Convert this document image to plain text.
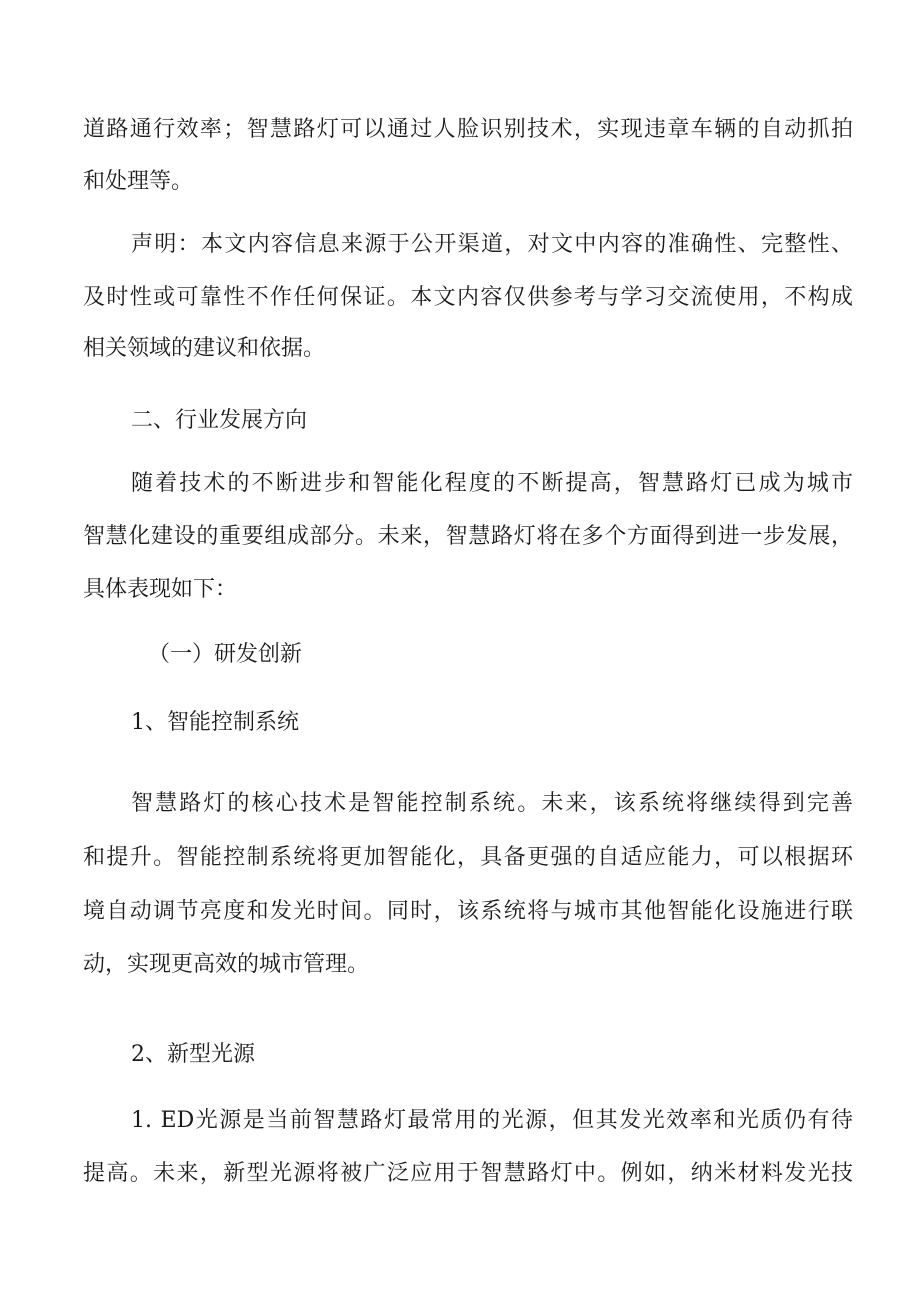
道路通行效率；智慧路灯可以通过人脸识别技术，实现违章车辆的自动抓拍
和处理等。
声明：本文内容信息来源于公开渠道，对文中内容的准确性、完整性、
及时性或可靠性不作任何保证。本文内容仅供参考与学习交流使用，不构成
相关领域的建议和依据。
二、行业发展方向
随着技术的不断进步和智能化程度的不断提高，智慧路灯已成为城市
智慧化建设的重要组成部分。未来，智慧路灯将在多个方面得到进一步发展，
具体表现如下：
（一）研发创新
1、智能控制系统
智慧路灯的核心技术是智能控制系统。未来，该系统将继续得到完善
和提升。智能控制系统将更加智能化，具备更强的自适应能力，可以根据环
境自动调节亮度和发光时间。同时，该系统将与城市其他智能化设施进行联
动，实现更高效的城市管理。
2、新型光源
1. ED光源是当前智慧路灯最常用的光源，但其发光效率和光质仍有待
提高。未来，新型光源将被广泛应用于智慧路灯中。例如，纳米材料发光技
